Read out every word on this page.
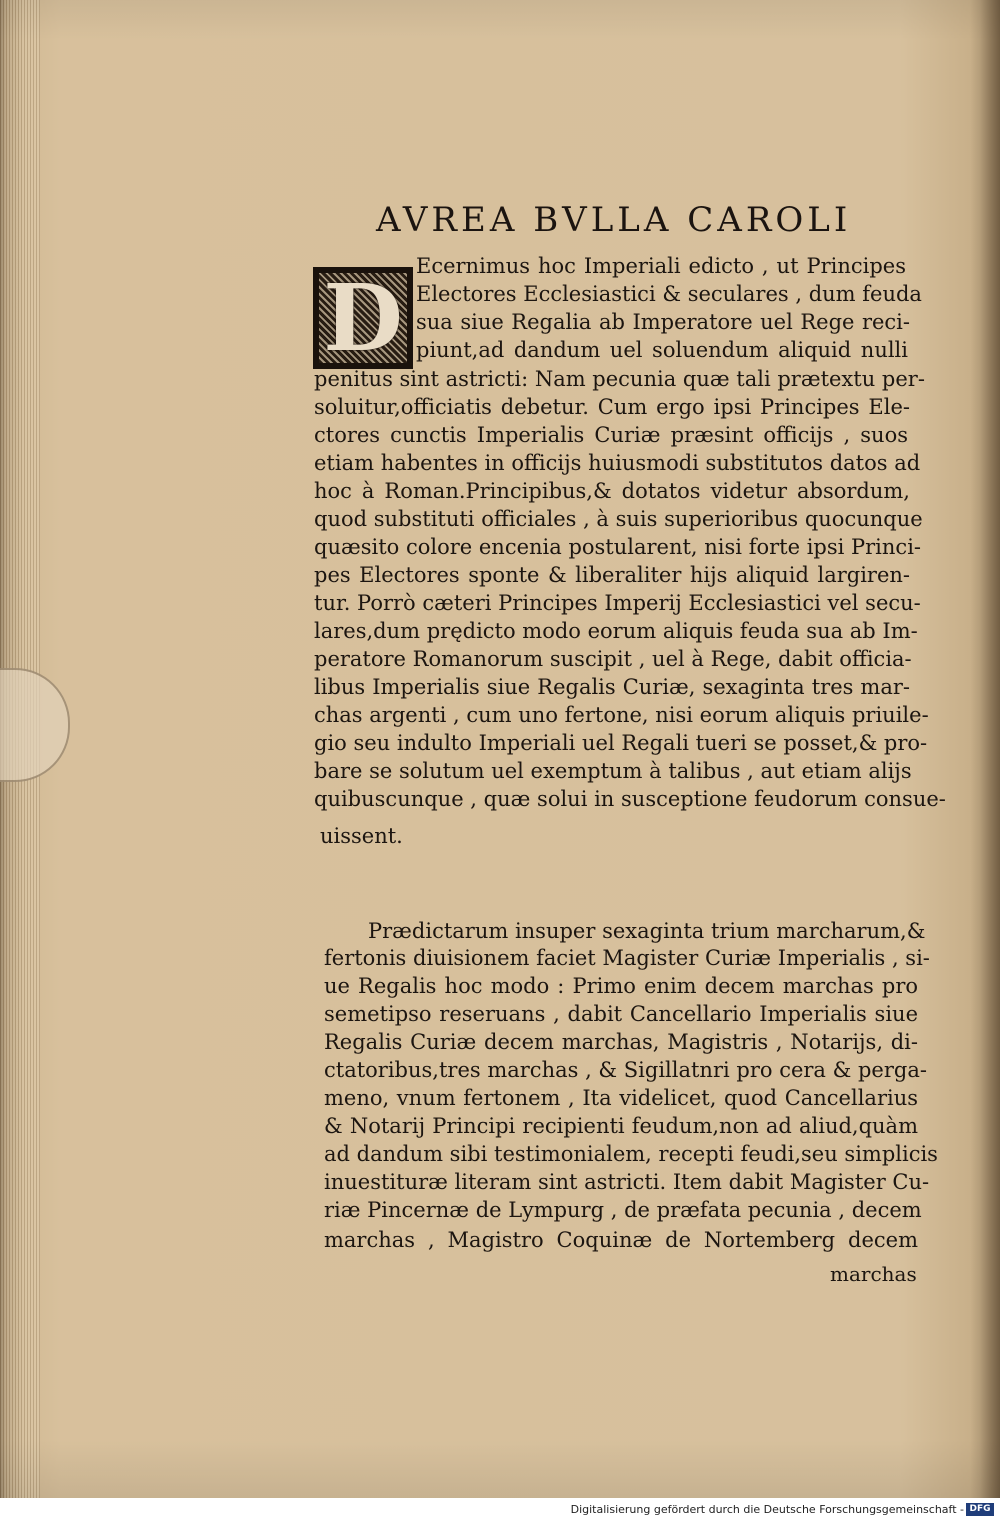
AVREA BVLLA CAROLI
D Ecernimus hoc Imperiali edicto , ut Principes
Electores Ecclesiastici & seculares , dum feuda
sua siue Regalia ab Imperatore uel Rege reci-
piunt,ad dandum uel soluendum aliquid nulli
penitus sint astricti: Nam pecunia quæ tali prætextu per-
soluitur,officiatis debetur. Cum ergo ipsi Principes Ele-
ctores cunctis Imperialis Curiæ præsint officijs , suos
etiam habentes in officijs huiusmodi substitutos datos ad
hoc à Roman.Principibus,& dotatos videtur absordum,
quod substituti officiales , à suis superioribus quocunque
quæsito colore encenia postularent, nisi forte ipsi Princi-
pes Electores sponte & liberaliter hijs aliquid largiren-
tur. Porrò cæteri Principes Imperij Ecclesiastici vel secu-
lares,dum prędicto modo eorum aliquis feuda sua ab Im-
peratore Romanorum suscipit , uel à Rege, dabit officia-
libus Imperialis siue Regalis Curiæ, sexaginta tres mar-
chas argenti , cum uno fertone, nisi eorum aliquis priuile-
gio seu indulto Imperiali uel Regali tueri se posset,& pro-
bare se solutum uel exemptum à talibus , aut etiam alijs
quibuscunque , quæ solui in susceptione feudorum consue-
uissent.
Prædictarum insuper sexaginta trium marcharum,&
fertonis diuisionem faciet Magister Curiæ Imperialis , si-
ue Regalis hoc modo : Primo enim decem marchas pro
semetipso reseruans , dabit Cancellario Imperialis siue
Regalis Curiæ decem marchas, Magistris , Notarijs, di-
ctatoribus,tres marchas , & Sigillatnri pro cera & perga-
meno, vnum fertonem , Ita videlicet, quod Cancellarius
& Notarij Principi recipienti feudum,non ad aliud,quàm
ad dandum sibi testimonialem, recepti feudi,seu simplicis
inuestituræ literam sint astricti. Item dabit Magister Cu-
riæ Pincernæ de Lympurg , de præfata pecunia , decem
marchas , Magistro Coquinæ de Nortemberg decem
marchas
Digitalisierung gefördert durch die Deutsche Forschungsgemeinschaft - DFG
